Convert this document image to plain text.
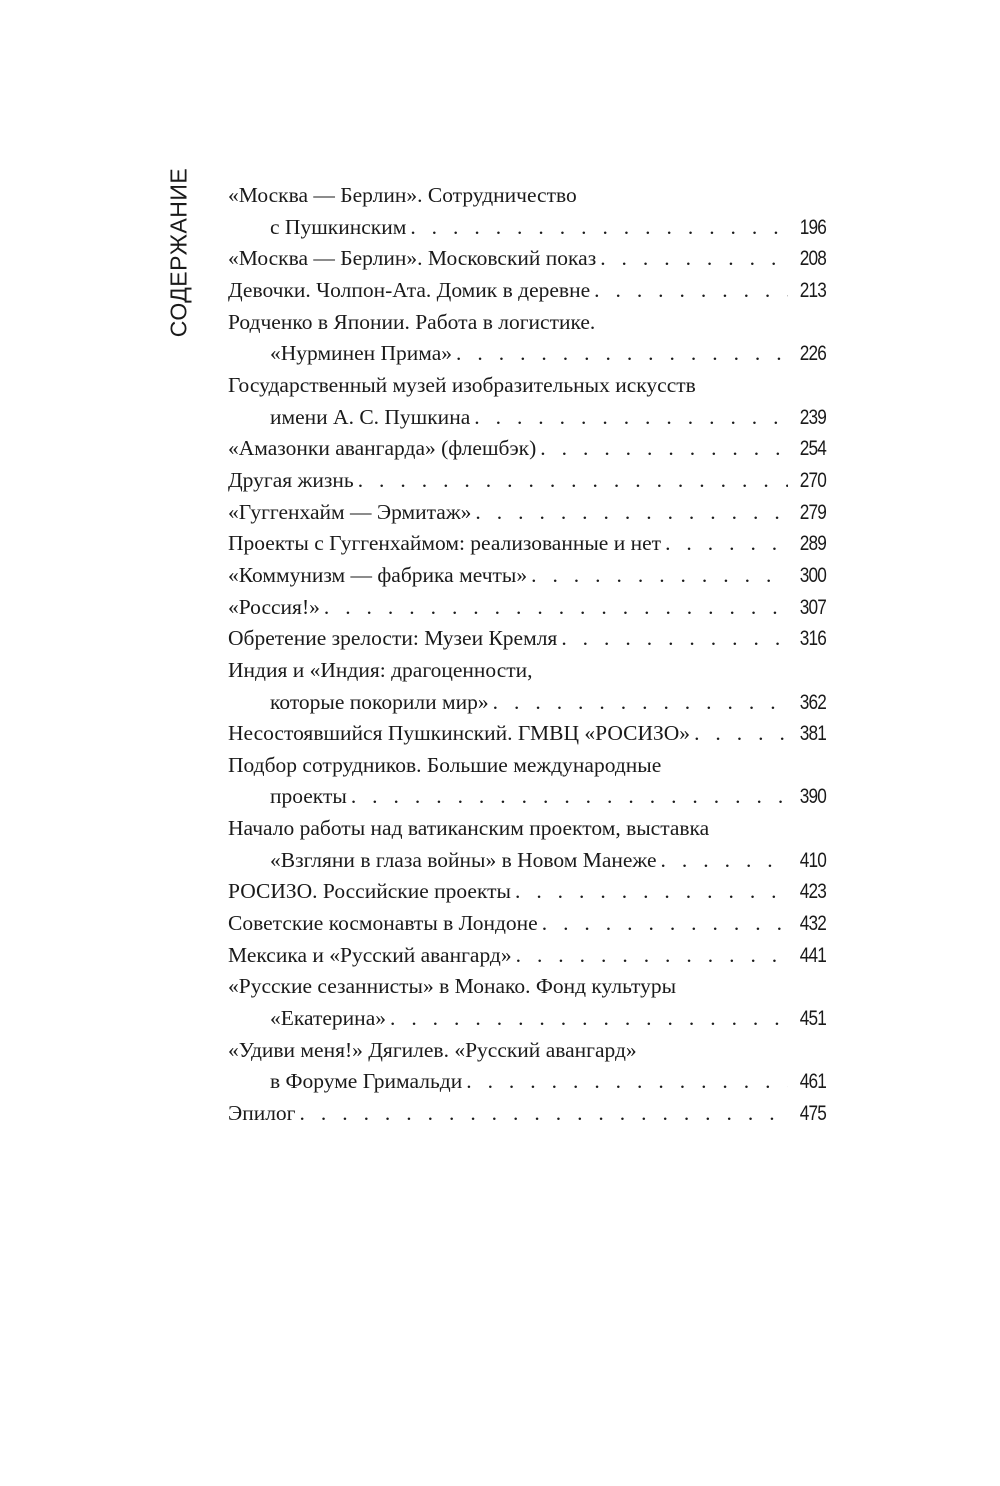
СОДЕРЖАНИЕ «Москва — Берлин». Сотрудничество
с Пушкинским . . .	196
«Москва — Берлин». Московский показ . . .	208
Девочки. Чолпон-Ата. Домик в деревне . . .	213
Родченко в Японии. Работа в логистике.
«Нурминен Прима» . . .	226
Государственный музей изобразительных искусств
имени А. С. Пушкина . . .	239
«Амазонки авангарда» (флешбэк) . . .	254
Другая жизнь . . .	270
«Гуггенхайм — Эрмитаж» . . .	279
Проекты с Гуггенхаймом: реализованные и нет . . .	289
«Коммунизм — фабрика мечты» . . .	300
«Россия!» . . .	307
Обретение зрелости: Музеи Кремля . . .	316
Индия и «Индия: драгоценности,
которые покорили мир» . . .	362
Несостоявшийся Пушкинский. ГМВЦ «РОСИЗО» . . .	381
Подбор сотрудников. Большие международные
проекты . . .	390
Начало работы над ватиканским проектом, выставка
«Взгляни в глаза войны» в Новом Манеже . . .	410
РОСИЗО. Российские проекты . . .	423
Советские космонавты в Лондоне . . .	432
Мексика и «Русский авангард» . . .	441
«Русские сезаннисты» в Монако. Фонд культуры
«Екатерина» . . .	451
«Удиви меня!» Дягилев. «Русский авангард»
в Форуме Гримальди . . .	461
Эпилог . . .	475
